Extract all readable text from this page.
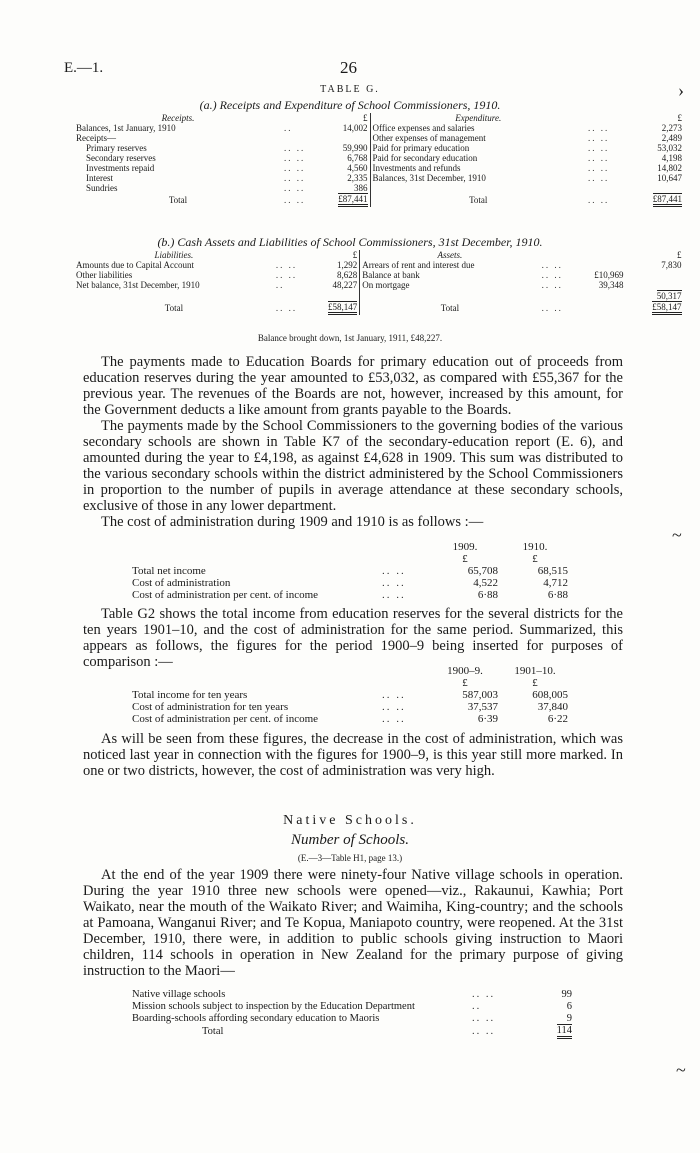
E.—1.	26
›
~
~
TABLE G.
(a.) Receipts and Expenditure of School Commissioners, 1910.
Receipts.		£	Expenditure.		£
Balances, 1st January, 1910	..	14,002	Office expenses and salaries	.. ..	2,273
Receipts—			Other expenses of management	.. ..	2,489
Primary reserves	.. ..	59,990	Paid for primary education	.. ..	53,032
Secondary reserves	.. ..	6,768	Paid for secondary education	.. ..	4,198
Investments repaid	.. ..	4,560	Investments and refunds	.. ..	14,802
Interest	.. ..	2,335	Balances, 31st December, 1910	.. ..	10,647
Sundries	.. ..	386			
Total	.. ..	£87,441	Total	.. ..	£87,441
(b.) Cash Assets and Liabilities of School Commissioners, 31st December, 1910.
Liabilities.		£	Assets.			£
Amounts due to Capital Account	.. ..	1,292	Arrears of rent and interest due	.. ..		7,830
Other liabilities	.. ..	8,628	Balance at bank	.. ..	£10,969	
Net balance, 31st December, 1910	..	48,227	On mortgage	.. ..	39,348	
						50,317
Total	.. ..	£58,147	Total	.. ..		£58,147
Balance brought down, 1st January, 1911, £48,227.

The payments made to Education Boards for primary education out of proceeds from education reserves during the year amounted to £53,032, as compared with £55,367 for the previous year. The revenues of the Boards are not, however, increased by this amount, for the Government deducts a like amount from grants payable to the Boards.

The payments made by the School Commissioners to the governing bodies of the various secondary schools are shown in Table K7 of the secondary-education report (E. 6), and amounted during the year to £4,198, as against £4,628 in 1909. This sum was distributed to the various secondary schools within the district administered by the School Commissioners in proportion to the number of pupils in average attendance at these secondary schools, exclusive of those in any lower department.

The cost of administration during 1909 and 1910 is as follows :—

		1909.	1910.
		£	£
Total net income	.. ..	65,708	68,515
Cost of administration	.. ..	4,522	4,712
Cost of administration per cent. of income	.. ..	6·88	6·88

Table G2 shows the total income from education reserves for the several districts for the ten years 1901–10, and the cost of administration for the same period. Summarized, this appears as follows, the figures for the period 1900–9 being inserted for purposes of comparison :—

		1900–9.	1901–10.
		£	£
Total income for ten years	.. ..	587,003	608,005
Cost of administration for ten years	.. ..	37,537	37,840
Cost of administration per cent. of income	.. ..	6·39	6·22

As will be seen from these figures, the decrease in the cost of administration, which was noticed last year in connection with the figures for 1900–9, is this year still more marked. In one or two districts, however, the cost of administration was very high.

Native Schools.
Number of Schools.
(E.—3—Table H1, page 13.)

At the end of the year 1909 there were ninety-four Native village schools in operation. During the year 1910 three new schools were opened—viz., Rakaunui, Kawhia; Port Waikato, near the mouth of the Waikato River; and Waimiha, King-country; and the schools at Pamoana, Wanganui River; and Te Kopua, Maniapoto country, were reopened. At the 31st December, 1910, there were, in addition to public schools giving instruction to Maori children, 114 schools in operation in New Zealand for the primary purpose of giving instruction to the Maori—

Native village schools	.. ..	99
Mission schools subject to inspection by the Education Department	..	6
Boarding-schools affording secondary education to Maoris	.. ..	9
Total	.. ..	114
